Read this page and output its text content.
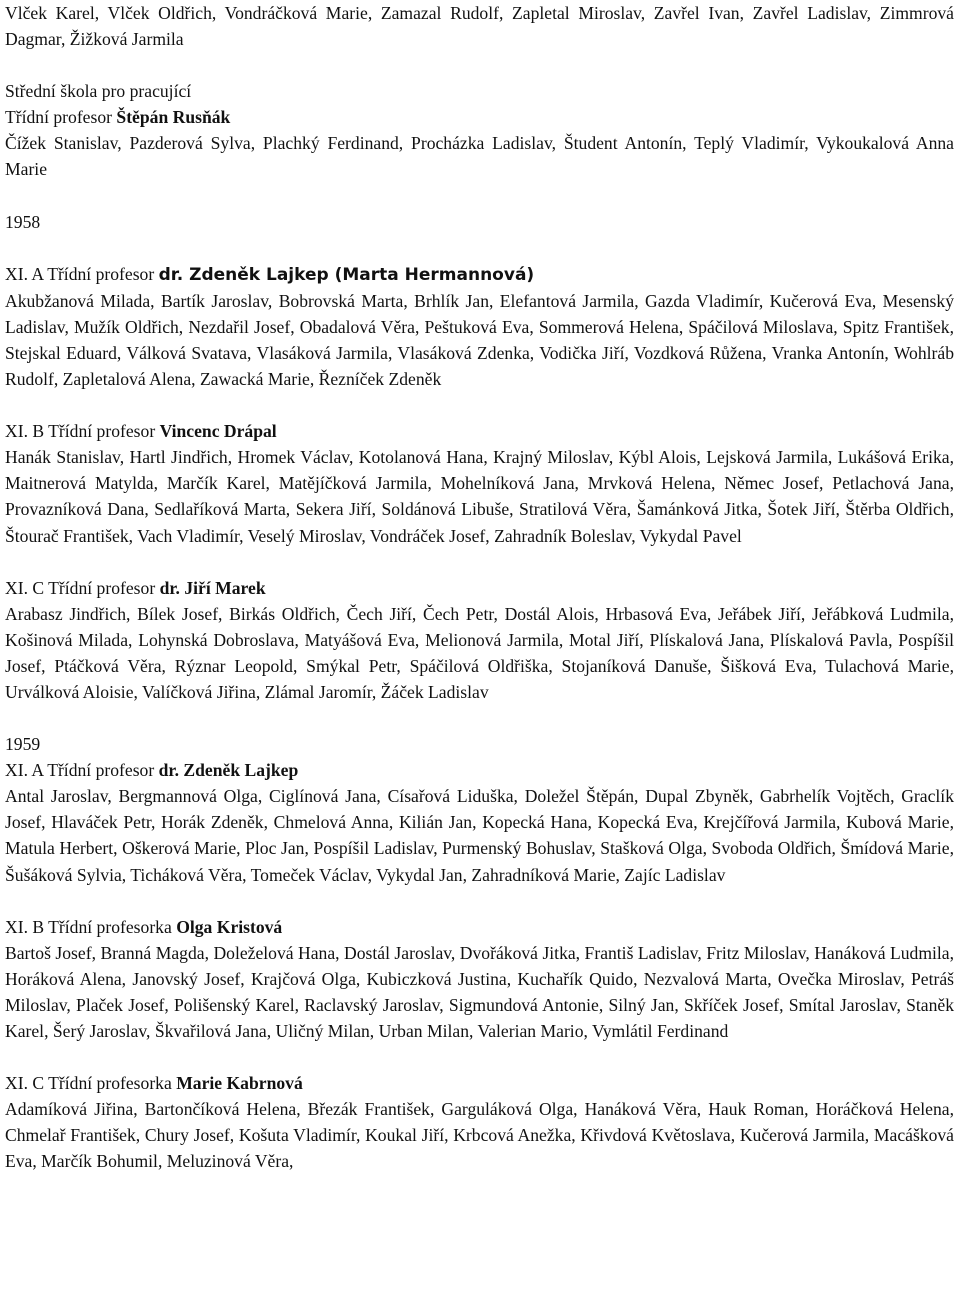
Vlček Karel, Vlček Oldřich, Vondráčková Marie, Zamazal Rudolf, Zapletal Miroslav, Zavřel Ivan, Zavřel Ladislav, Zimmrová Dagmar, Žižková Jarmila

Střední škola pro pracující

Třídní profesor Štěpán Rusňák

Čížek Stanislav, Pazderová Sylva, Plachký Ferdinand, Procházka Ladislav, Študent Antonín, Teplý Vladimír, Vykoukalová Anna Marie

1958

XI. A Třídní profesor dr. Zdeněk Lajkep (Marta Hermannová)

Akubžanová Milada, Bartík Jaroslav, Bobrovská Marta, Brhlík Jan, Elefantová Jarmila, Gazda Vladimír, Kučerová Eva, Mesenský Ladislav, Mužík Oldřich, Nezdařil Josef, Obadalová Věra, Peštuková Eva, Sommerová Helena, Spáčilová Miloslava, Spitz František, Stejskal Eduard, Válková Svatava, Vlasáková Jarmila, Vlasáková Zdenka, Vodička Jiří, Vozdková Růžena, Vranka Antonín, Wohlráb Rudolf, Zapletalová Alena, Zawacká Marie, Řezníček Zdeněk

XI. B Třídní profesor Vincenc Drápal

Hanák Stanislav, Hartl Jindřich, Hromek Václav, Kotolanová Hana, Krajný Miloslav, Kýbl Alois, Lejsková Jarmila, Lukášová Erika, Maitnerová Matylda, Marčík Karel, Matějíčková Jarmila, Mohelníková Jana, Mrvková Helena, Němec Josef, Petlachová Jana, Provazníková Dana, Sedlaříková Marta, Sekera Jiří, Soldánová Libuše, Stratilová Věra, Šamánková Jitka, Šotek Jiří, Štěrba Oldřich, Štourač František, Vach Vladimír, Veselý Miroslav, Vondráček Josef, Zahradník Boleslav, Vykydal Pavel

XI. C Třídní profesor dr. Jiří Marek

Arabasz Jindřich, Bílek Josef, Birkás Oldřich, Čech Jiří, Čech Petr, Dostál Alois, Hrbasová Eva, Jeřábek Jiří, Jeřábková Ludmila, Košinová Milada, Lohynská Dobroslava, Matyášová Eva, Melionová Jarmila, Motal Jiří, Plískalová Jana, Plískalová Pavla, Pospíšil Josef, Ptáčková Věra, Rýznar Leopold, Smýkal Petr, Spáčilová Oldřiška, Stojaníková Danuše, Šišková Eva, Tulachová Marie, Urválková Aloisie, Valíčková Jiřina, Zlámal Jaromír, Žáček Ladislav

1959

XI. A Třídní profesor dr. Zdeněk Lajkep

Antal Jaroslav, Bergmannová Olga, Ciglínová Jana, Císařová Liduška, Doležel Štěpán, Dupal Zbyněk, Gabrhelík Vojtěch, Graclík Josef, Hlaváček Petr, Horák Zdeněk, Chmelová Anna, Kilián Jan, Kopecká Hana, Kopecká Eva, Krejčířová Jarmila, Kubová Marie, Matula Herbert, Oškerová Marie, Ploc Jan, Pospíšil Ladislav, Purmenský Bohuslav, Stašková Olga, Svoboda Oldřich, Šmídová Marie, Šušáková Sylvia, Ticháková Věra, Tomeček Václav, Vykydal Jan, Zahradníková Marie, Zajíc Ladislav

XI. B Třídní profesorka Olga Kristová

Bartoš Josef, Branná Magda, Doleželová Hana, Dostál Jaroslav, Dvořáková Jitka, Františ Ladislav, Fritz Miloslav, Hanáková Ludmila, Horáková Alena, Janovský Josef, Krajčová Olga, Kubiczková Justina, Kuchařík Quido, Nezvalová Marta, Ovečka Miroslav, Petráš Miloslav, Plaček Josef, Polišenský Karel, Raclavský Jaroslav, Sigmundová Antonie, Silný Jan, Skříček Josef, Smítal Jaroslav, Staněk Karel, Šerý Jaroslav, Škvařilová Jana, Uličný Milan, Urban Milan, Valerian Mario, Vymlátil Ferdinand

XI. C Třídní profesorka Marie Kabrnová

Adamíková Jiřina, Bartončíková Helena, Březák František, Garguláková Olga, Hanáková Věra, Hauk Roman, Horáčková Helena, Chmelař František, Chury Josef, Košuta Vladimír, Koukal Jiří, Krbcová Anežka, Křivdová Květoslava, Kučerová Jarmila, Macášková Eva, Marčík Bohumil, Meluzinová Věra,
